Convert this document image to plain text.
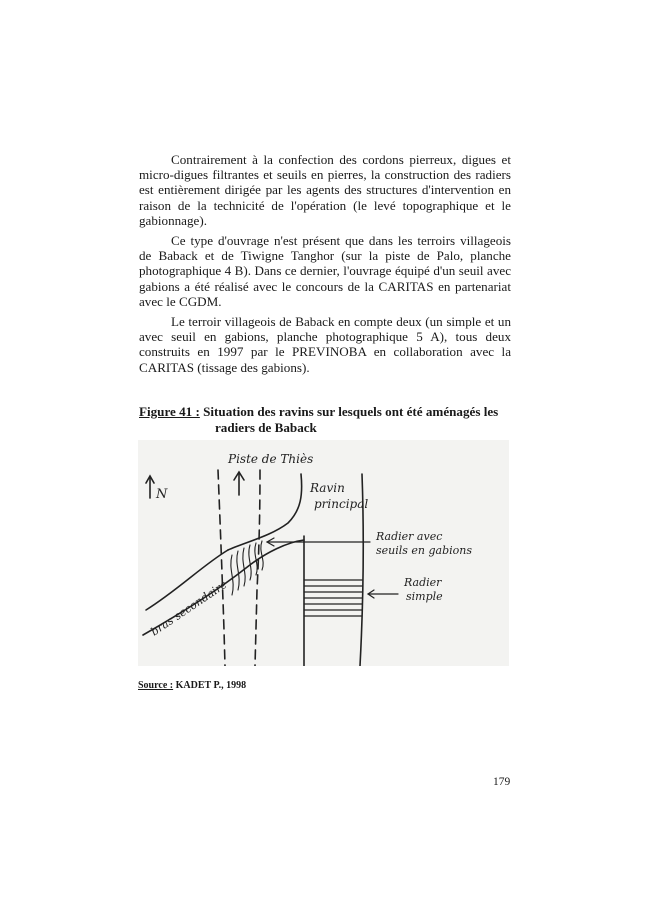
Contrairement à la confection des cordons pierreux, digues et micro-digues filtrantes et seuils en pierres, la construction des radiers est entièrement dirigée par les agents des structures d'intervention en raison de la technicité de l'opération (le levé topographique et le gabionnage).

Ce type d'ouvrage n'est présent que dans les terroirs villageois de Baback et de Tiwigne Tanghor (sur la piste de Palo, planche photographique 4 B). Dans ce dernier, l'ouvrage équipé d'un seuil avec gabions a été réalisé avec le concours de la CARITAS en partenariat avec le CGDM.

Le terroir villageois de Baback en compte deux (un simple et un avec seuil en gabions, planche photographique 5 A), tous deux construits en 1997 par le PREVINOBA en collaboration avec la CARITAS (tissage des gabions).

Figure 41 : Situation des ravins sur lesquels ont été aménagés les
radiers de Baback
N
Piste de Thiès
Ravin
principal
Radier avec
seuils en gabions
Radier
simple
bras secondaire
Source : KADET P., 1998
179
